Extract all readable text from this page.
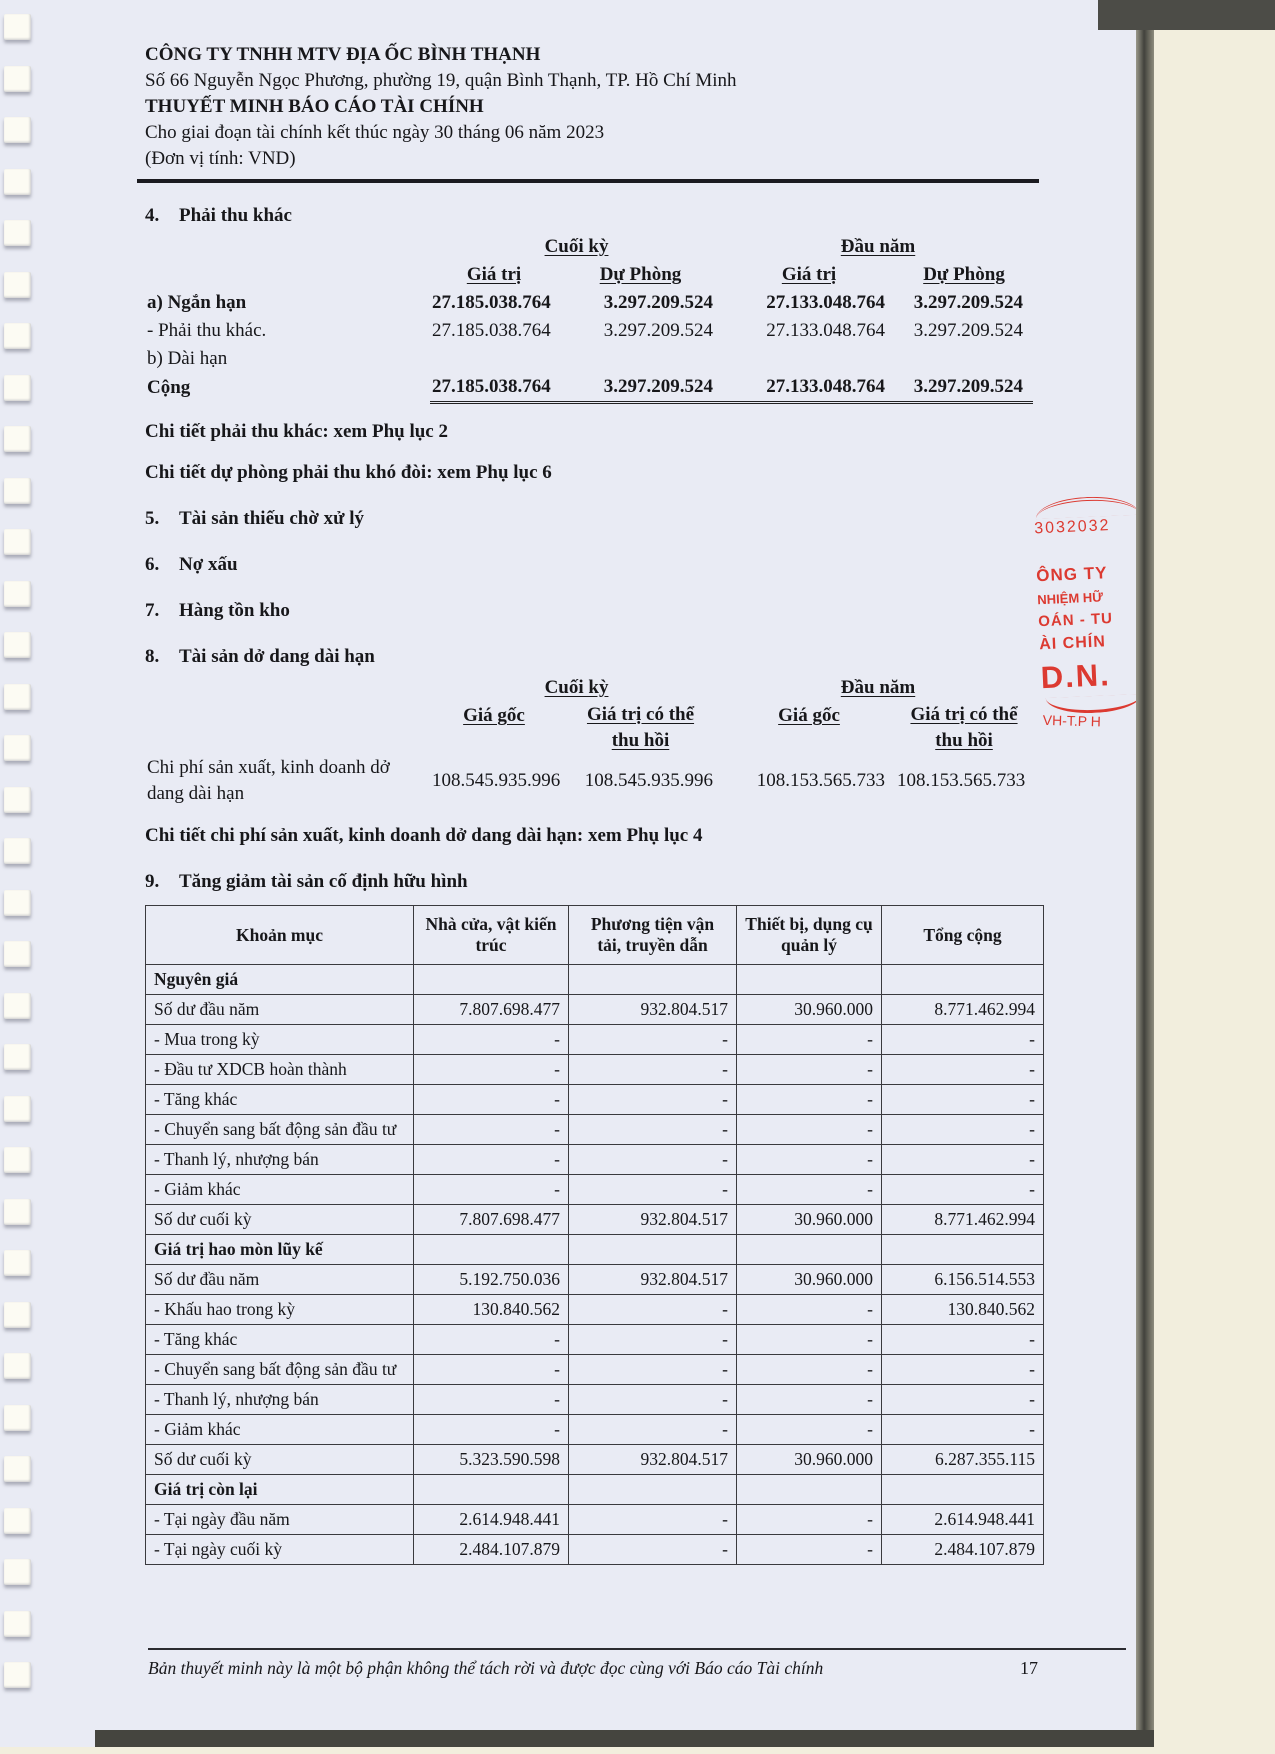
CÔNG TY TNHH MTV ĐỊA ỐC BÌNH THẠNH
Số 66 Nguyễn Ngọc Phương, phường 19, quận Bình Thạnh, TP. Hồ Chí Minh
THUYẾT MINH BÁO CÁO TÀI CHÍNH
Cho giai đoạn tài chính kết thúc ngày 30 tháng 06 năm 2023
(Đơn vị tính: VND)
4.	Phải thu khác
	Cuối kỳ		Đầu năm	
	Giá trị	Dự Phòng	Giá trị	Dự Phòng
a) Ngắn hạn	27.185.038.764	3.297.209.524	27.133.048.764	3.297.209.524
- Phải thu khác.	27.185.038.764	3.297.209.524	27.133.048.764	3.297.209.524
b) Dài hạn				
Cộng	27.185.038.764	3.297.209.524	27.133.048.764	3.297.209.524
Chi tiết phải thu khác: xem Phụ lục 2
Chi tiết dự phòng phải thu khó đòi: xem Phụ lục 6
5.	Tài sản thiếu chờ xử lý
6.	Nợ xấu
7.	Hàng tồn kho
8.	Tài sản dở dang dài hạn
	Cuối kỳ		Đầu năm	
	Giá gốc	Giá trị có thể thu hồi	Giá gốc	Giá trị có thể thu hồi
Chi phí sản xuất, kinh doanh dở dang dài hạn	108.545.935.996	108.545.935.996	108.153.565.733	108.153.565.733
Chi tiết chi phí sản xuất, kinh doanh dở dang dài hạn: xem Phụ lục 4
9.	Tăng giảm tài sản cố định hữu hình
Khoản mục	Nhà cửa, vật kiến trúc	Phương tiện vận tải, truyền dẫn	Thiết bị, dụng cụ quản lý	Tổng cộng
Nguyên giá				
Số dư đầu năm	7.807.698.477	932.804.517	30.960.000	8.771.462.994
- Mua trong kỳ	-	-	-	-
- Đầu tư XDCB hoàn thành	-	-	-	-
- Tăng khác	-	-	-	-
- Chuyển sang bất động sản đầu tư	-	-	-	-
- Thanh lý, nhượng bán	-	-	-	-
- Giảm khác	-	-	-	-
Số dư cuối kỳ	7.807.698.477	932.804.517	30.960.000	8.771.462.994
Giá trị hao mòn lũy kế				
Số dư đầu năm	5.192.750.036	932.804.517	30.960.000	6.156.514.553
- Khấu hao trong kỳ	130.840.562	-	-	130.840.562
- Tăng khác	-	-	-	-
- Chuyển sang bất động sản đầu tư	-	-	-	-
- Thanh lý, nhượng bán	-	-	-	-
- Giảm khác	-	-	-	-
Số dư cuối kỳ	5.323.590.598	932.804.517	30.960.000	6.287.355.115
Giá trị còn lại				
- Tại ngày đầu năm	2.614.948.441	-	-	2.614.948.441
- Tại ngày cuối kỳ	2.484.107.879	-	-	2.484.107.879
Bản thuyết minh này là một bộ phận không thể tách rời và được đọc cùng với Báo cáo Tài chính	17
3032032
ÔNG TY
NHIỆM HỮ
OÁN - TU
ÀI CHÍN
D.N.
VH-T.P H
